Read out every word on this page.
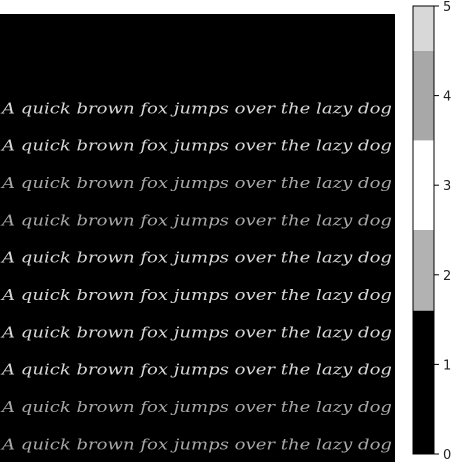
A quick brown fox jumps over the lazy dog
A quick brown fox jumps over the lazy dog
A quick brown fox jumps over the lazy dog
A quick brown fox jumps over the lazy dog
A quick brown fox jumps over the lazy dog
A quick brown fox jumps over the lazy dog
A quick brown fox jumps over the lazy dog
A quick brown fox jumps over the lazy dog
A quick brown fox jumps over the lazy dog
A quick brown fox jumps over the lazy dog
A quick brown fox jumps over the lazy dog
A quick brown fox jumps over the lazy dog
0
1
2
3
4
5
